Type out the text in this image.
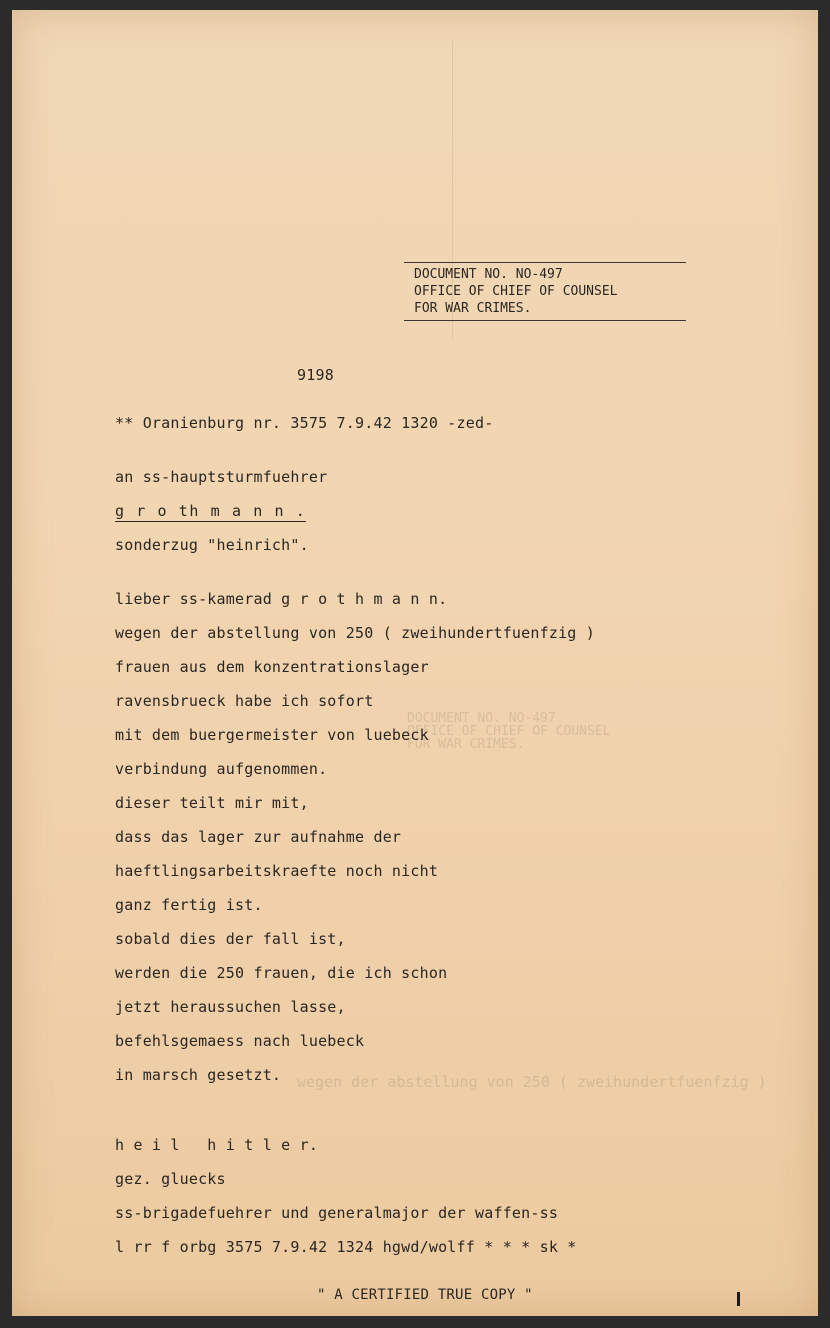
DOCUMENT NO. NO-497
OFFICE OF CHIEF OF COUNSEL
FOR WAR CRIMES.
wegen der abstellung von 250 ( zweihundertfuenfzig )
DOCUMENT NO. NO-497
OFFICE OF CHIEF OF COUNSEL
FOR WAR CRIMES.
9198
** Oranienburg nr. 3575 7.9.42 1320 -zed-
an ss-hauptsturmfuehrer
g r o th m a n n .
sonderzug "heinrich".
lieber ss-kamerad g r o t h m a n n.
wegen der abstellung von 250 ( zweihundertfuenfzig )
frauen aus dem konzentrationslager
ravensbrueck habe ich sofort
mit dem buergermeister von luebeck
verbindung aufgenommen.
dieser teilt mir mit,
dass das lager zur aufnahme der
haeftlingsarbeitskraefte noch nicht
ganz fertig ist.
sobald dies der fall ist,
werden die 250 frauen, die ich schon
jetzt heraussuchen lasse,
befehlsgemaess nach luebeck
in marsch gesetzt.
h e i l   h i t l e r.
gez. gluecks
ss-brigadefuehrer und generalmajor der waffen-ss
l rr f orbg 3575 7.9.42 1324 hgwd/wolff * * * sk *
" A CERTIFIED TRUE COPY "
